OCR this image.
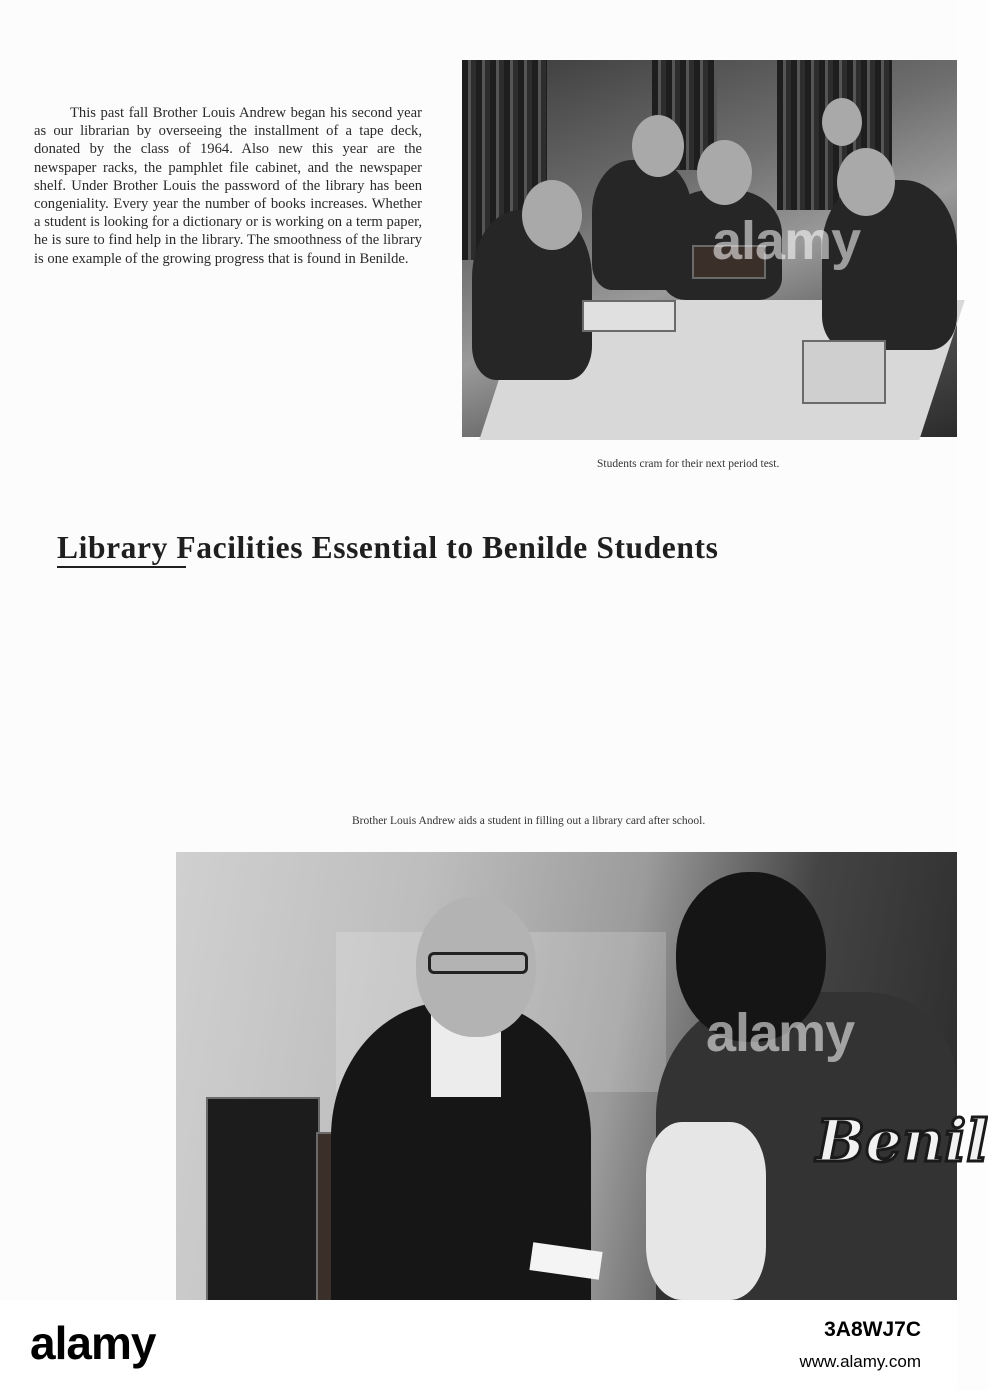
This past fall Brother Louis Andrew began his second year as our librarian by overseeing the installment of a tape deck, donated by the class of 1964. Also new this year are the newspaper racks, the pamphlet file cabinet, and the newspaper shelf. Under Brother Louis the password of the library has been congeniality. Every year the number of books increases. Whether a student is looking for a dictionary or is working on a term paper, he is sure to find help in the library. The smoothness of the library is one example of the growing progress that is found in Benilde.	alamy

Students cram for their next period test.

Library Facilities Essential to Benilde Students

Brother Louis Andrew aids a student in filling out a library card after school.

Benil
alamy
alamy	3A8WJ7C
www.alamy.com
